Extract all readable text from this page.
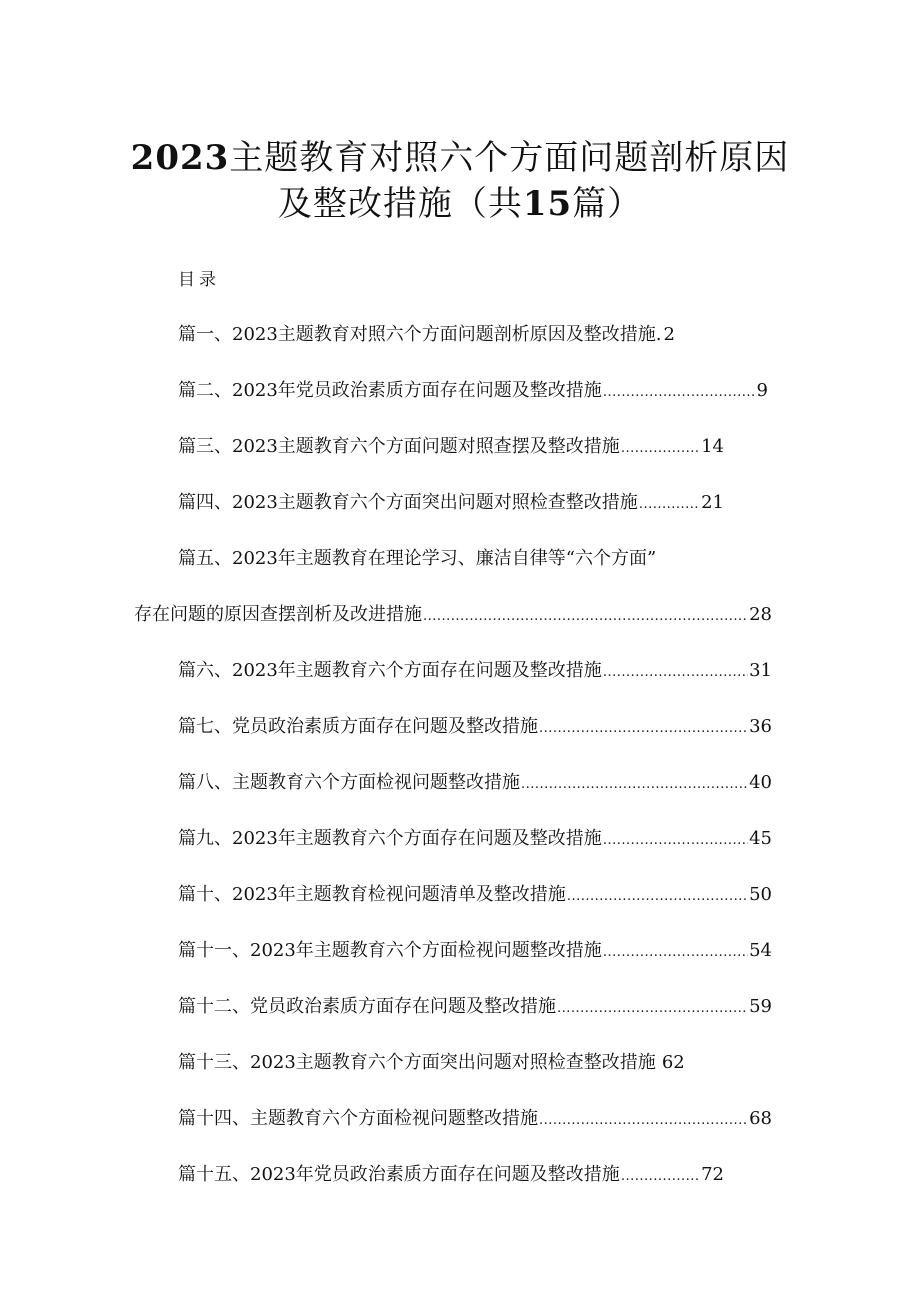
2023主题教育对照六个方面问题剖析原因
及整改措施（共15篇）
目录
篇一、2023主题教育对照六个方面问题剖析原因及整改措施. 2
篇二、2023年党员政治素质方面存在问题及整改措施 .....	9
篇三、2023主题教育六个方面问题对照查摆及整改措施 .....	14
篇四、2023主题教育六个方面突出问题对照检查整改措施 .....	21
篇五、2023年主题教育在理论学习、廉洁自律等“六个方面”
存在问题的原因查摆剖析及改进措施 .....	28
篇六、2023年主题教育六个方面存在问题及整改措施 .....	31
篇七、党员政治素质方面存在问题及整改措施 .....	36
篇八、主题教育六个方面检视问题整改措施 .....	40
篇九、2023年主题教育六个方面存在问题及整改措施 .....	45
篇十、2023年主题教育检视问题清单及整改措施 .....	50
篇十一、2023年主题教育六个方面检视问题整改措施 .....	54
篇十二、党员政治素质方面存在问题及整改措施 .....	59
篇十三、2023主题教育六个方面突出问题对照检查整改措施 62
篇十四、主题教育六个方面检视问题整改措施 .....	68
篇十五、2023年党员政治素质方面存在问题及整改措施 .....	72
